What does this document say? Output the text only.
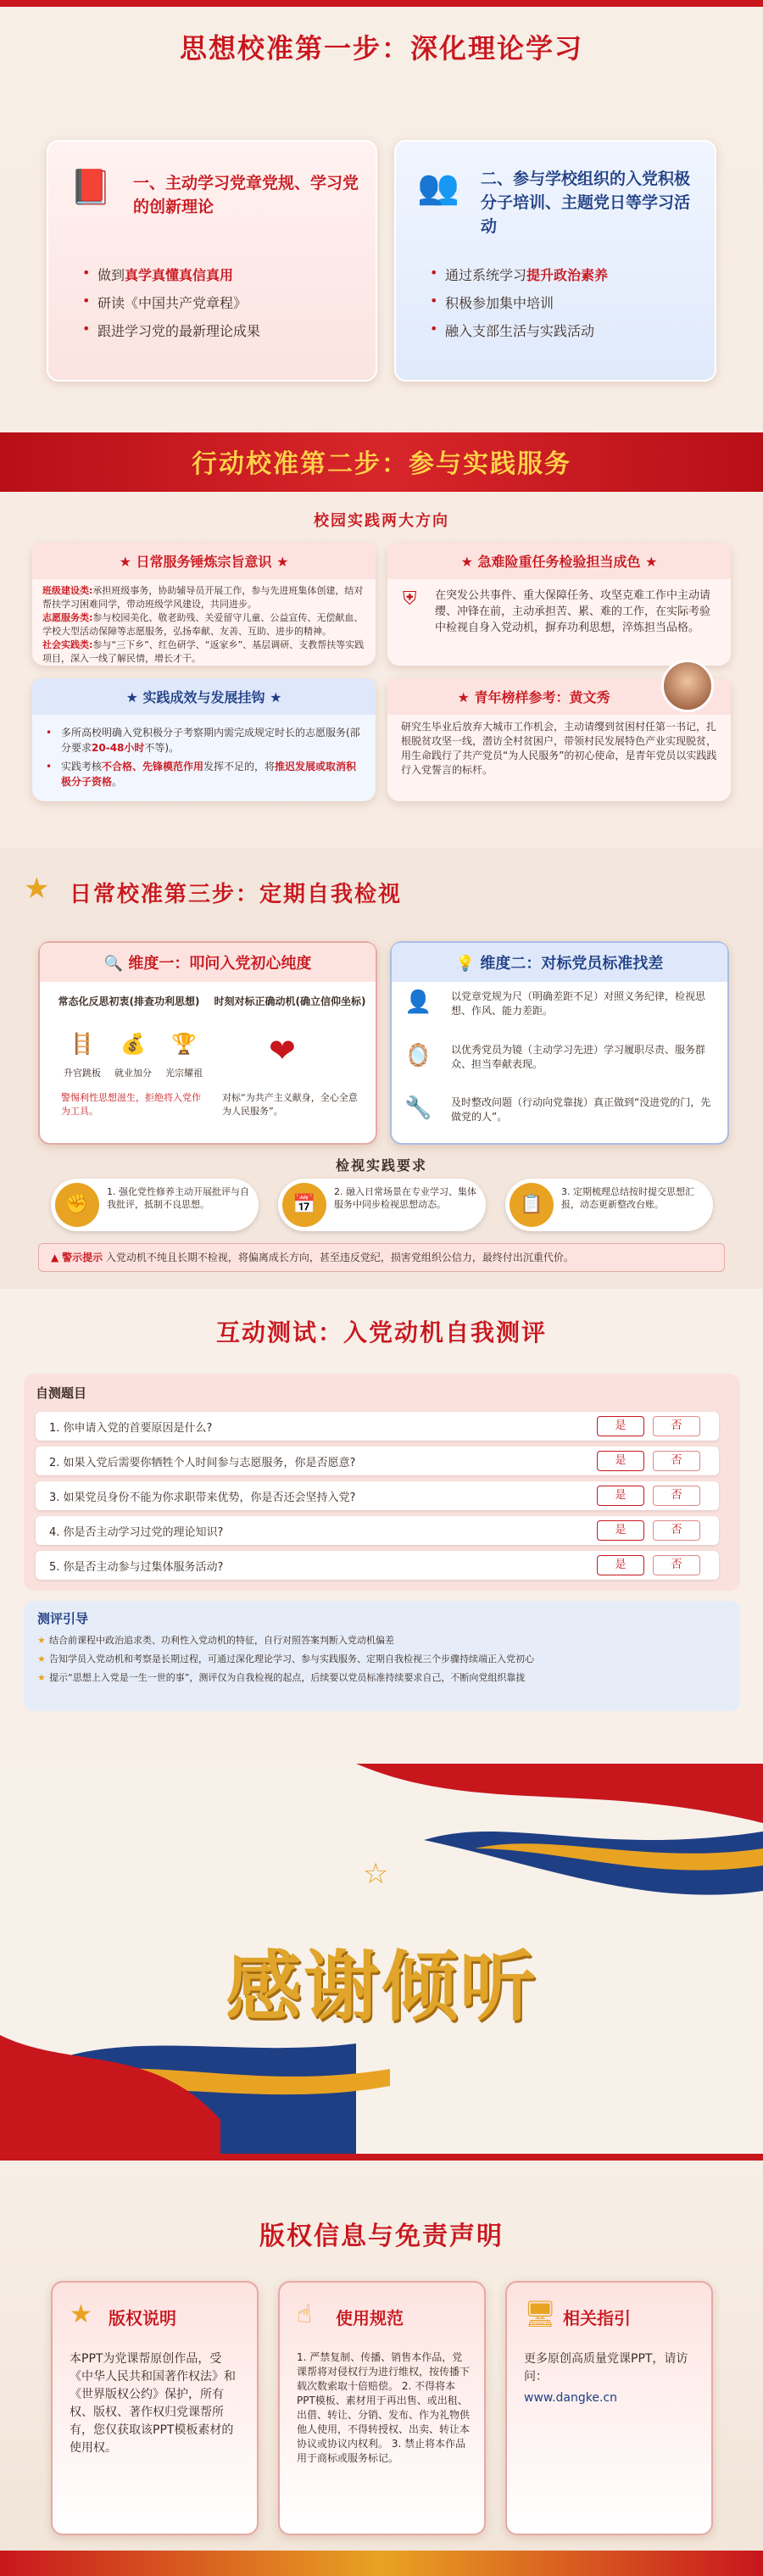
思想校准第一步：深化理论学习
📕 一、主动学习党章党规、学习党的创新理论
• 做到真学真懂真信真用
• 研读《中国共产党章程》
• 跟进学习党的最新理论成果
👥 二、参与学校组织的入党积极分子培训、主题党日等学习活动
• 通过系统学习提升政治素养
• 积极参加集中培训
• 融入支部生活与实践活动
行动校准第二步：参与实践服务
校园实践两大方向
★ 日常服务锤炼宗旨意识 ★
班级建设类:承担班级事务，协助辅导员开展工作，参与先进班集体创建，结对帮扶学习困难同学，带动班级学风建设，共同进步。
志愿服务类:参与校园美化、敬老助残、关爱留守儿童、公益宣传、无偿献血、学校大型活动保障等志愿服务，弘扬奉献、友善、互助、进步的精神。
社会实践类:参与“三下乡”、红色研学、“返家乡”、基层调研、支教帮扶等实践项目，深入一线了解民情，增长才干。
★ 急难险重任务检验担当成色 ★
⛨ 在突发公共事件、重大保障任务、攻坚克难工作中主动请缨、冲锋在前，主动承担苦、累、难的工作，在实际考验中检视自身入党动机，摒弃功利思想，淬炼担当品格。
★ 实践成效与发展挂钩 ★
• 多所高校明确入党积极分子考察期内需完成规定时长的志愿服务(部分要求20-48小时不等)。
• 实践考核不合格、先锋模范作用发挥不足的，将推迟发展或取消积极分子资格。
★ 青年榜样参考：黄文秀
研究生毕业后放弃大城市工作机会，主动请缨到贫困村任第一书记，扎根脱贫攻坚一线，潜访全村贫困户，带领村民发展特色产业实现脱贫，用生命践行了共产党员“为人民服务”的初心使命，是青年党员以实践践行入党誓言的标杆。
★ 日常校准第三步：定期自我检视
🔍 维度一：叩问入党初心纯度
常态化反思初衷(排查功利思想)	时刻对标正确动机(确立信仰坐标)
🪜 💰 🏆
升官跳板 就业加分 光宗耀祖
❤
警惕利性思想滋生，拒绝将入党作为工具。
对标“为共产主义献身，全心全意为人民服务”。
💡 维度二：对标党员标准找差
👤 以党章党规为尺（明确差距不足）对照义务纪律，检视思想、作风、能力差距。
🪞 以优秀党员为镜（主动学习先进）学习履职尽责、服务群众、担当奉献表现。
🔧 及时整改问题（行动向党靠拢）真正做到“没进党的门，先做党的人”。
检视实践要求
✊
1. 强化党性修养主动开展批评与自我批评，抵制不良思想。	📅
2. 融入日常场景在专业学习、集体服务中同步检视思想动态。	📋
3. 定期梳理总结按时提交思想汇报，动态更新整改台账。
▲ 警示提示 入党动机不纯且长期不检视，将偏离成长方向，甚至违反党纪，损害党组织公信力，最终付出沉重代价。
互动测试：入党动机自我测评
自测题目
1. 你申请入党的首要原因是什么?	是	否
2. 如果入党后需要你牺牲个人时间参与志愿服务，你是否愿意?	是	否
3. 如果党员身份不能为你求职带来优势，你是否还会坚持入党?	是	否
4. 你是否主动学习过党的理论知识?	是	否
5. 你是否主动参与过集体服务活动?	是	否
测评引导
★ 结合前课程中政治追求类、功利性入党动机的特征，自行对照答案判断入党动机偏差
★ 告知学员入党动机和考察是长期过程，可通过深化理论学习、参与实践服务、定期自我检视三个步骤持续端正入党初心
★ 提示“思想上入党是一生一世的事”，测评仅为自我检视的起点，后续要以党员标准持续要求自己，不断向党组织靠拢
☆
感谢倾听
版权信息与免责声明
★ 版权说明
本PPT为党课帮原创作品，受《中华人民共和国著作权法》和《世界版权公约》保护，所有权、版权、著作权归党课帮所有，您仅获取该PPT模板素材的使用权。
☝ 使用规范
1. 严禁复制、传播、销售本作品，党课帮将对侵权行为进行维权，按传播下载次数索取十倍赔偿。 2. 不得将本PPT模板、素材用于再出售、或出租、出借、转让、分销、发布、作为礼物供他人使用，不得转授权、出卖、转让本协议或协议内权利。 3. 禁止将本作品用于商标或服务标记。
🖥 相关指引
更多原创高质量党课PPT，请访问：
www.dangke.cn
